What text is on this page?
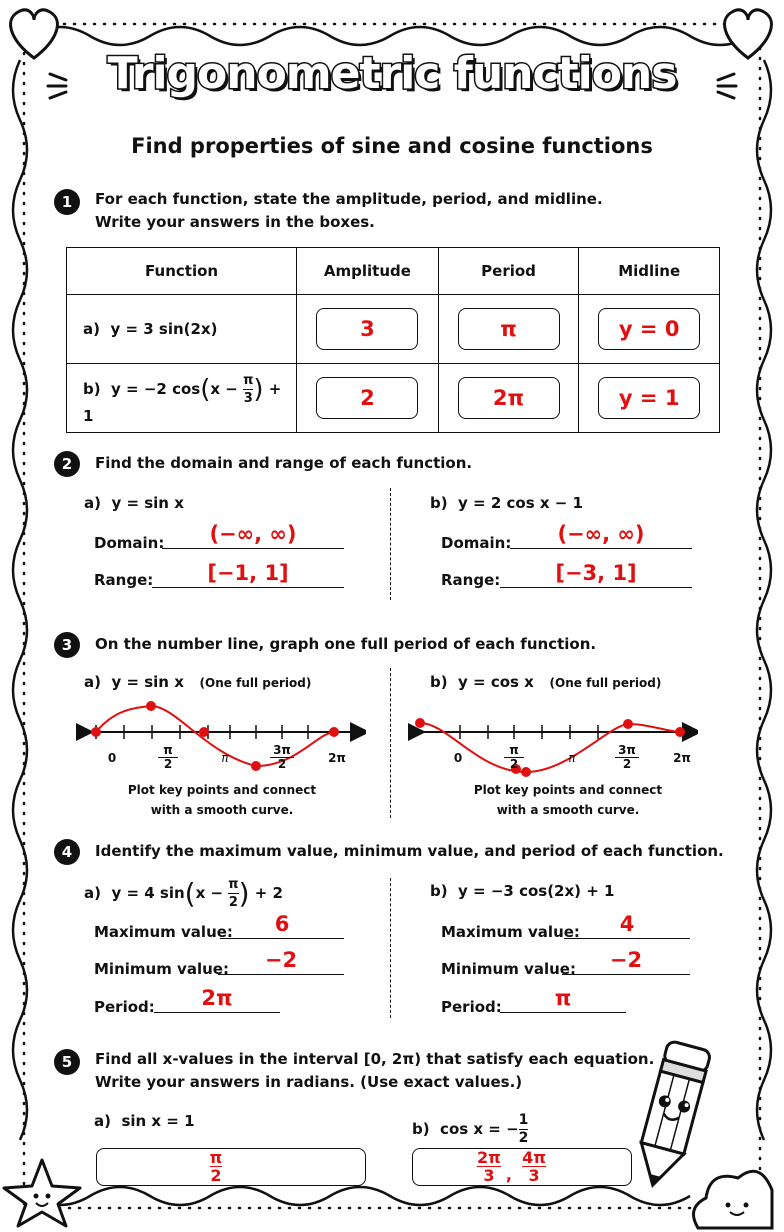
Trigonometric functions
Find properties of sine and cosine functions
1	For each function, state the amplitude, period, and midline.
Write your answers in the boxes.
Function	Amplitude	Period	Midline
a) y = 3 sin(2x)	3	π	y = 0

b) y = −2 $\cos(x - \frac{\pi}{3}$ ) + 1	2	2π	y = 1
2	Find the domain and range of each function.
a) y = sin x
Domain:	(−∞, ∞)
Range:	[−1, 1]
b) y = 2 cos x − 1
Domain:	(−∞, ∞)
Range:	[−3, 1]
3	On the number line, graph one full period of each function.
a) y = sin x (One full period)
0
π
2	π
3π
2	2π
Plot key points and connect
with a smooth curve.
b) y = cos x (One full period)
0
π
2	π
3π
2	2π
Plot key points and connect
with a smooth curve.
4	Identify the maximum value, minimum value, and period of each function.
a) y = 4 $\sin(x - \frac{\pi}{2}$ ) + 2
Maximum value:	6
Minimum value:	−2
Period:	2π
b) y = −3 cos(2x) + 1
Maximum value:	4
Minimum value:	−2
Period:	π
5	Find all x-values in the interval [0, 2π) that satisfy each equation.
Write your answers in radians. (Use exact values.)
a) sin x = 1
$\frac{\pi}{2}$
b) cos x = − $\frac{1}{2}$
$\frac{2\pi}{3}$ , $\frac{4\pi}{3}$
